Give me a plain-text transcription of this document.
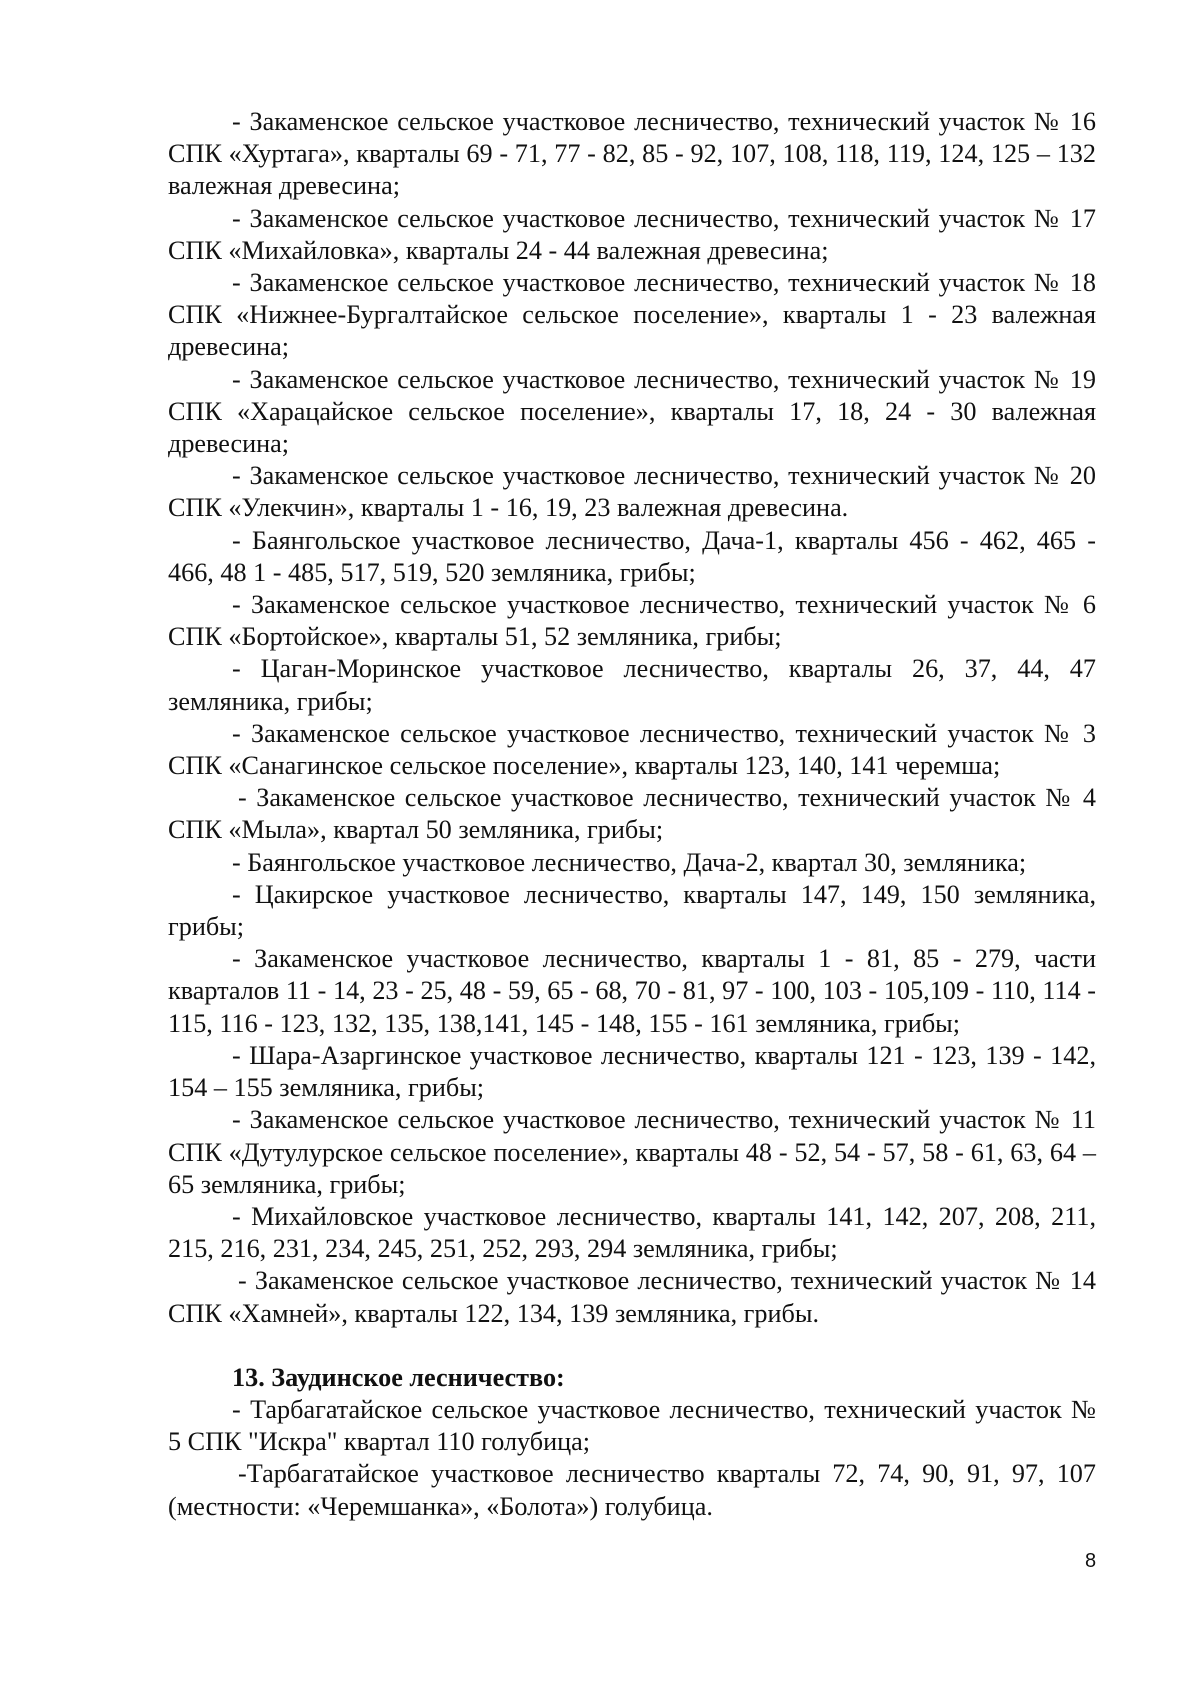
- Закаменское сельское участковое лесничество, технический участок № 16 СПК «Хуртага», кварталы 69 - 71, 77 - 82, 85 - 92, 107, 108, 118, 119, 124, 125 – 132 валежная древесина;

- Закаменское сельское участковое лесничество, технический участок № 17 СПК «Михайловка», кварталы 24 - 44 валежная древесина;

- Закаменское сельское участковое лесничество, технический участок № 18 СПК «Нижнее-Бургалтайское сельское поселение», кварталы 1 - 23 валежная древесина;

- Закаменское сельское участковое лесничество, технический участок № 19 СПК «Харацайское сельское поселение», кварталы 17, 18, 24 - 30 валежная древесина;

- Закаменское сельское участковое лесничество, технический участок № 20 СПК «Улекчин», кварталы 1 - 16, 19, 23 валежная древесина.

- Баянгольское участковое лесничество, Дача-1, кварталы 456 - 462, 465 - 466, 48 1 - 485, 517, 519, 520 земляника, грибы;

- Закаменское сельское участковое лесничество, технический участок № 6 СПК «Бортойское», кварталы 51, 52 земляника, грибы;

- Цаган-Моринское участковое лесничество, кварталы 26, 37, 44, 47 земляника, грибы;

- Закаменское сельское участковое лесничество, технический участок № 3 СПК «Санагинское сельское поселение», кварталы 123, 140, 141 черемша;

- Закаменское сельское участковое лесничество, технический участок № 4 СПК «Мыла», квартал 50 земляника, грибы;

- Баянгольское участковое лесничество, Дача-2, квартал 30, земляника;

- Цакирское участковое лесничество, кварталы 147, 149, 150 земляника, грибы;

- Закаменское участковое лесничество, кварталы 1 - 81, 85 - 279, части кварталов 11 - 14, 23 - 25, 48 - 59, 65 - 68, 70 - 81, 97 - 100, 103 - 105,109 - 110, 114 - 115, 116 - 123, 132, 135, 138,141, 145 - 148, 155 - 161 земляника, грибы;

- Шара-Азаргинское участковое лесничество, кварталы 121 - 123, 139 - 142, 154 – 155 земляника, грибы;

- Закаменское сельское участковое лесничество, технический участок № 11 СПК «Дутулурское сельское поселение», кварталы 48 - 52, 54 - 57, 58 - 61, 63, 64 – 65 земляника, грибы;

- Михайловское участковое лесничество, кварталы 141, 142, 207, 208, 211, 215, 216, 231, 234, 245, 251, 252, 293, 294 земляника, грибы;

- Закаменское сельское участковое лесничество, технический участок № 14 СПК «Хамней», кварталы 122, 134, 139 земляника, грибы.

13. Заудинское лесничество:

- Тарбагатайское сельское участковое лесничество, технический участок № 5 СПК "Искра" квартал 110 голубица;

-Тарбагатайское участковое лесничество кварталы 72, 74, 90, 91, 97, 107 (местности: «Черемшанка», «Болота») голубица.

8
